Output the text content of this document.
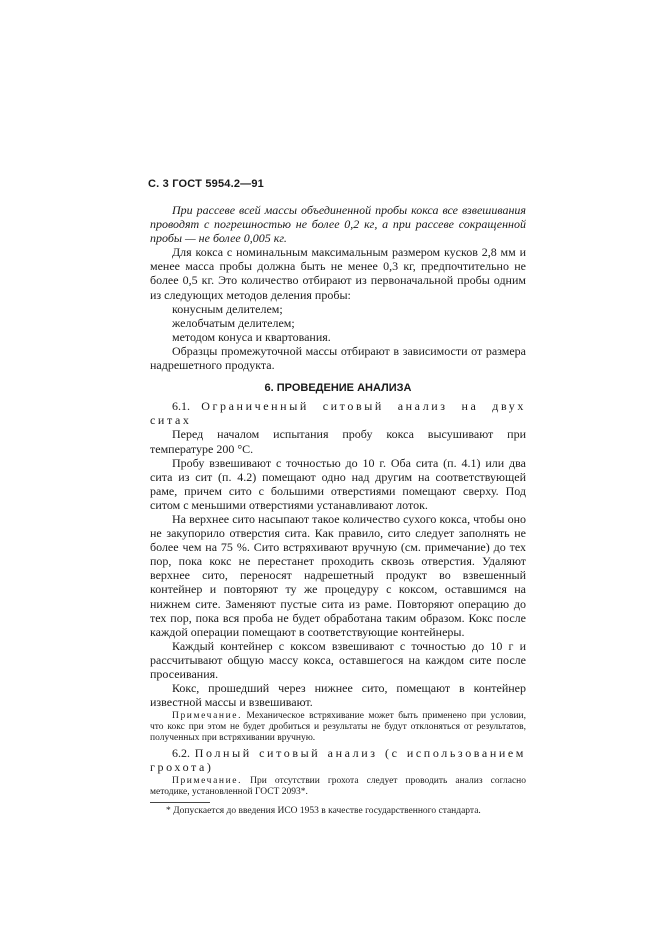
С. 3 ГОСТ 5954.2—91

При рассеве всей массы объединенной пробы кокса все взвешивания проводят с погрешностью не более 0,2 кг, а при рассеве сокращенной пробы — не более 0,005 кг.

Для кокса с номинальным максимальным размером кусков 2,8 мм и менее масса пробы должна быть не менее 0,3 кг, предпочтительно не более 0,5 кг. Это количество отбирают из первоначальной пробы одним из следующих методов деления пробы:

конусным делителем;

желобчатым делителем;

методом конуса и квартования.

Образцы промежуточной массы отбирают в зависимости от размера надрешетного продукта.

6. ПРОВЕДЕНИЕ АНАЛИЗА

6.1. Ограниченный ситовый анализ на двух ситах

Перед началом испытания пробу кокса высушивают при температуре 200 °С.

Пробу взвешивают с точностью до 10 г. Оба сита (п. 4.1) или два сита из сит (п. 4.2) помещают одно над другим на соответствующей раме, причем сито с большими отверстиями помещают сверху. Под ситом с меньшими отверстиями устанавливают лоток.

На верхнее сито насыпают такое количество сухого кокса, чтобы оно не закупорило отверстия сита. Как правило, сито следует заполнять не более чем на 75 %. Сито встряхивают вручную (см. примечание) до тех пор, пока кокс не перестанет проходить сквозь отверстия. Удаляют верхнее сито, переносят надрешетный продукт во взвешенный контейнер и повторяют ту же процедуру с коксом, оставшимся на нижнем сите. Заменяют пустые сита из раме. Повторяют операцию до тех пор, пока вся проба не будет обработана таким образом. Кокс после каждой операции помещают в соответствующие контейнеры.

Каждый контейнер с коксом взвешивают с точностью до 10 г и рассчитывают общую массу кокса, оставшегося на каждом сите после просеивания.

Кокс, прошедший через нижнее сито, помещают в контейнер известной массы и взвешивают.

Примечание. Механическое встряхивание может быть применено при условии, что кокс при этом не будет дробиться и результаты не будут отклоняться от результатов, полученных при встряхивании вручную.

6.2. Полный ситовый анализ (с использованием грохота)

Примечание. При отсутствии грохота следует проводить анализ согласно методике, установленной ГОСТ 2093*.

* Допускается до введения ИСО 1953 в качестве государственного стандарта.
